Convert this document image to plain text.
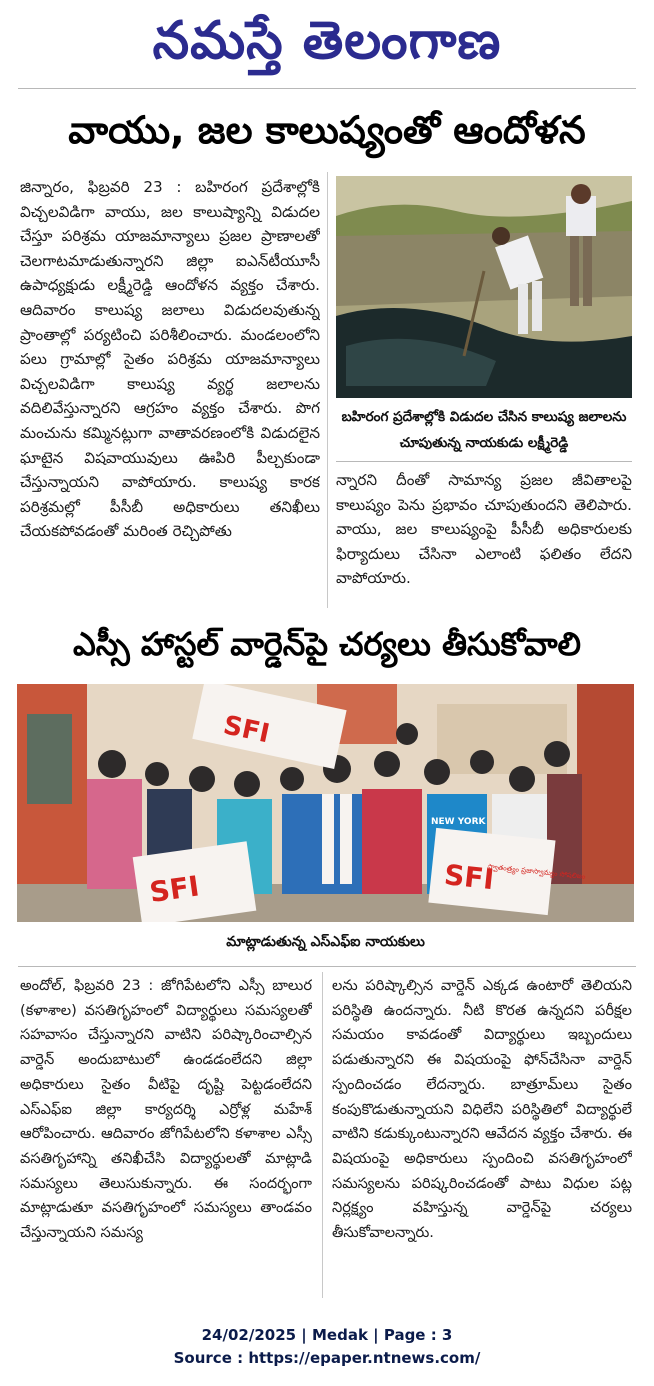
నమస్తే తెలంగాణ
వాయు, జల కాలుష్యంతో ఆందోళన
జిన్నారం, ఫిబ్రవరి 23 : బహిరంగ ప్రదేశాల్లోకి విచ్చలవిడిగా వాయు, జల కాలుష్యాన్ని విడుదల చేస్తూ పరిశ్రమ యాజమాన్యాలు ప్రజల ప్రాణాలతో చెలగాటమాడుతున్నారని జిల్లా ఐఎన్‌టీయూసీ ఉపాధ్యక్షుడు లక్ష్మీరెడ్డి ఆందోళన వ్యక్తం చేశారు. ఆదివారం కాలుష్య జలాలు విడుదలవుతున్న ప్రాంతాల్లో పర్యటించి పరిశీలించారు. మండలంలోని పలు గ్రామాల్లో సైతం పరిశ్రమ యాజమాన్యాలు విచ్చలవిడిగా కాలుష్య వ్యర్థ జలాలను వదిలివేస్తున్నారని ఆగ్రహం వ్యక్తం చేశారు. పొగ మంచును కమ్మినట్లుగా వాతావరణంలోకి విడుదలైన ఘాటైన విషవాయువులు ఊపిరి పీల్చకుండా చేస్తున్నాయని వాపోయారు. కాలుష్య కారక పరిశ్రమల్లో పీసీబీ అధికారులు తనిఖీలు చేయకపోవడంతో మరింత రెచ్చిపోతు
బహిరంగ ప్రదేశాల్లోకి విడుదల చేసిన కాలుష్య జలాలను చూపుతున్న నాయకుడు లక్ష్మీరెడ్డి
న్నారని దీంతో సామాన్య ప్రజల జీవితాలపై కాలుష్యం పెను ప్రభావం చూపుతుందని తెలిపారు. వాయు, జల కాలుష్యంపై పీసీబీ అధికారులకు ఫిర్యాదులు చేసినా ఎలాంటి ఫలితం లేదని వాపోయారు.
ఎస్సీ హాస్టల్ వార్డెన్‌పై చర్యలు తీసుకోవాలి
SFI
SFI	SFI
స్వాతంత్ర్యం ప్రజాస్వామ్యం సోషలిజం
NEW YORK
మాట్లాడుతున్న ఎస్ఎఫ్ఐ నాయకులు
అందోల్, ఫిబ్రవరి 23 : జోగిపేటలోని ఎస్సీ బాలుర (కళాశాల) వసతిగృహంలో విద్యార్థులు సమస్యలతో సహవాసం చేస్తున్నారని వాటిని పరిష్కారించాల్సిన వార్డెన్ అందుబాటులో ఉండడంలేదని జిల్లా అధికారులు సైతం వీటిపై దృష్టి పెట్టడంలేదని ఎస్ఎఫ్ఐ జిల్లా కార్యదర్శి ఎర్రోళ్ల మహేశ్ ఆరోపించారు. ఆదివారం జోగిపేటలోని కళాశాల ఎస్సీ వసతిగృహాన్ని తనిఖీచేసి విద్యార్థులతో మాట్లాడి సమస్యలు తెలుసుకున్నారు. ఈ సందర్భంగా మాట్లాడుతూ వసతిగృహంలో సమస్యలు తాండవం చేస్తున్నాయని సమస్య
లను పరిష్కాల్సిన వార్డెన్ ఎక్కడ ఉంటారో తెలియని పరిస్థితి ఉందన్నారు. నీటి కొరత ఉన్నదని పరీక్షల సమయం కావడంతో విద్యార్థులు ఇబ్బందులు పడుతున్నారని ఈ విషయంపై ఫోన్‌చేసినా వార్డెన్ స్పందించడం లేదన్నారు. బాత్రూమ్‌లు సైతం కంపుకొడుతున్నాయని విధిలేని పరిస్థితిలో విద్యార్థులే వాటిని కడుక్కుంటున్నారని ఆవేదన వ్యక్తం చేశారు. ఈ విషయంపై అధికారులు స్పందించి వసతిగృహంలో సమస్యలను పరిష్కరించడంతో పాటు విధుల పట్ల నిర్లక్ష్యం వహిస్తున్న వార్డెన్‌పై చర్యలు తీసుకోవాలన్నారు.
24/02/2025 | Medak | Page : 3
Source : https://epaper.ntnews.com/
